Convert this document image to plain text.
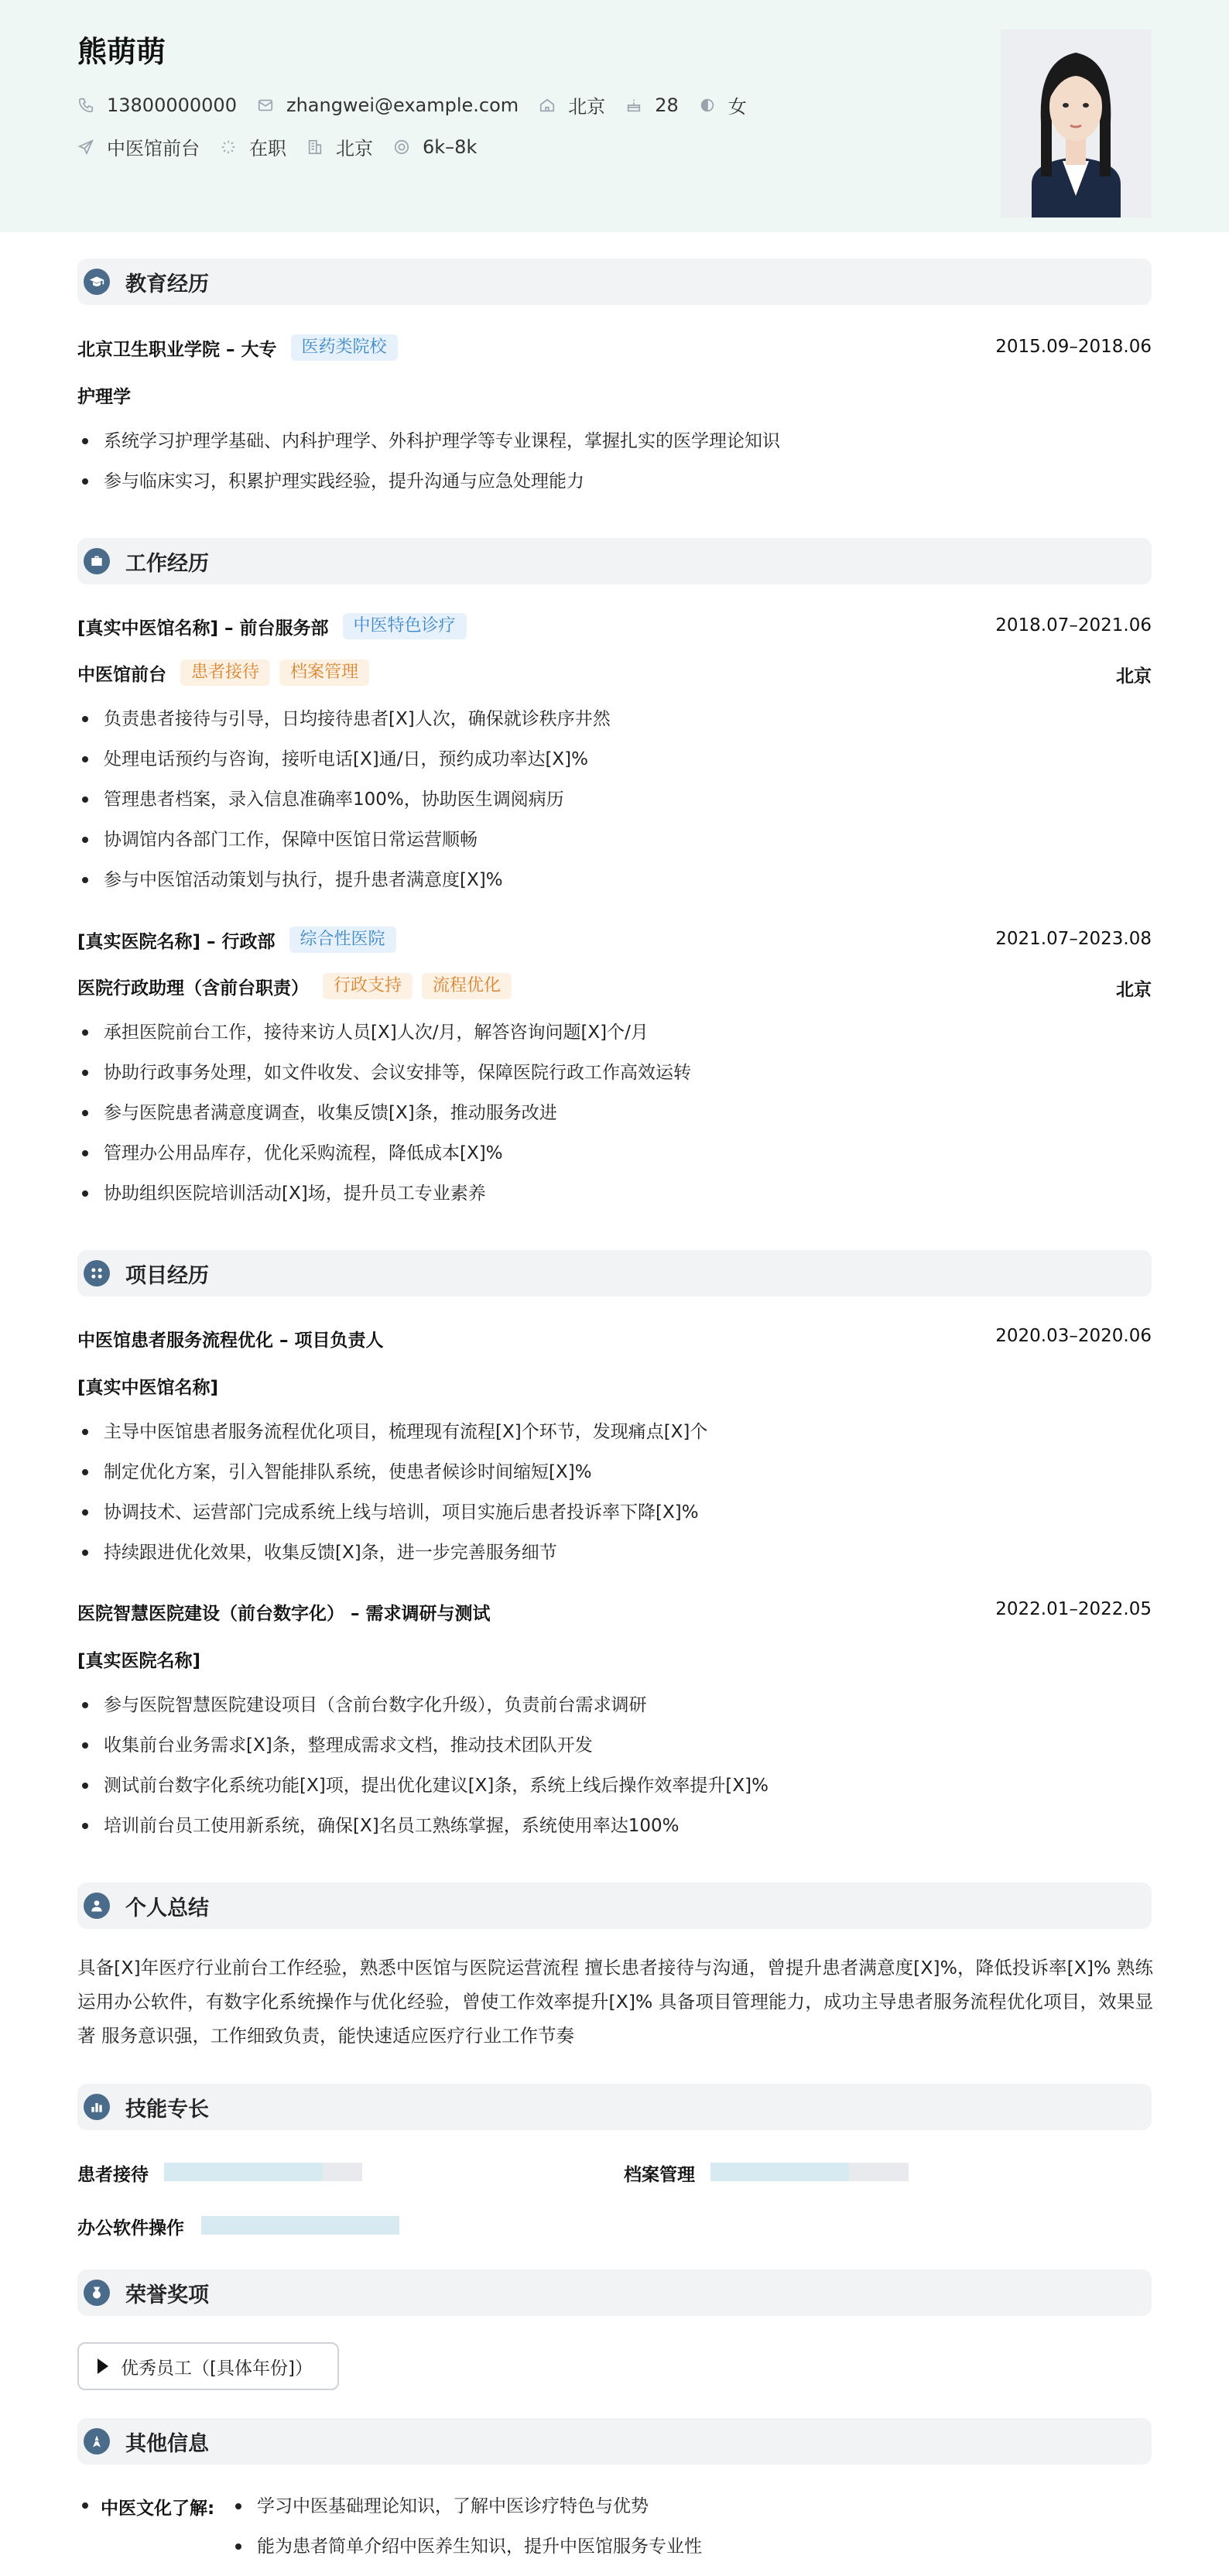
熊萌萌
13800000000	zhangwei@example.com	北京	28	女
中医馆前台	在职	北京	6k–8k
教育经历
北京卫生职业学院 – 大专	医药类院校	2015.09–2018.06
护理学
系统学习护理学基础、内科护理学、外科护理学等专业课程，掌握扎实的医学理论知识
参与临床实习，积累护理实践经验，提升沟通与应急处理能力
工作经历
[真实中医馆名称] – 前台服务部	中医特色诊疗	2018.07–2021.06
中医馆前台	患者接待	档案管理	北京
负责患者接待与引导，日均接待患者[X]人次，确保就诊秩序井然
处理电话预约与咨询，接听电话[X]通/日，预约成功率达[X]%
管理患者档案，录入信息准确率100%，协助医生调阅病历
协调馆内各部门工作，保障中医馆日常运营顺畅
参与中医馆活动策划与执行，提升患者满意度[X]%
[真实医院名称] – 行政部	综合性医院	2021.07–2023.08
医院行政助理（含前台职责）	行政支持	流程优化	北京
承担医院前台工作，接待来访人员[X]人次/月，解答咨询问题[X]个/月
协助行政事务处理，如文件收发、会议安排等，保障医院行政工作高效运转
参与医院患者满意度调查，收集反馈[X]条，推动服务改进
管理办公用品库存，优化采购流程，降低成本[X]%
协助组织医院培训活动[X]场，提升员工专业素养
项目经历
中医馆患者服务流程优化 – 项目负责人	2020.03–2020.06
[真实中医馆名称]
主导中医馆患者服务流程优化项目，梳理现有流程[X]个环节，发现痛点[X]个
制定优化方案，引入智能排队系统，使患者候诊时间缩短[X]%
协调技术、运营部门完成系统上线与培训，项目实施后患者投诉率下降[X]%
持续跟进优化效果，收集反馈[X]条，进一步完善服务细节
医院智慧医院建设（前台数字化） – 需求调研与测试	2022.01–2022.05
[真实医院名称]
参与医院智慧医院建设项目（含前台数字化升级），负责前台需求调研
收集前台业务需求[X]条，整理成需求文档，推动技术团队开发
测试前台数字化系统功能[X]项，提出优化建议[X]条，系统上线后操作效率提升[X]%
培训前台员工使用新系统，确保[X]名员工熟练掌握，系统使用率达100%
个人总结
具备[X]年医疗行业前台工作经验，熟悉中医馆与医院运营流程 擅长患者接待与沟通，曾提升患者满意度[X]%，降低投诉率[X]% 熟练运用办公软件，有数字化系统操作与优化经验，曾使工作效率提升[X]% 具备项目管理能力，成功主导患者服务流程优化项目，效果显著 服务意识强，工作细致负责，能快速适应医疗行业工作节奏
技能专长
患者接待	档案管理
办公软件操作
荣誉奖项
优秀员工（[具体年份]）
其他信息
中医文化了解:	学习中医基础理论知识，了解中医诊疗特色与优势
能为患者简单介绍中医养生知识，提升中医馆服务专业性
